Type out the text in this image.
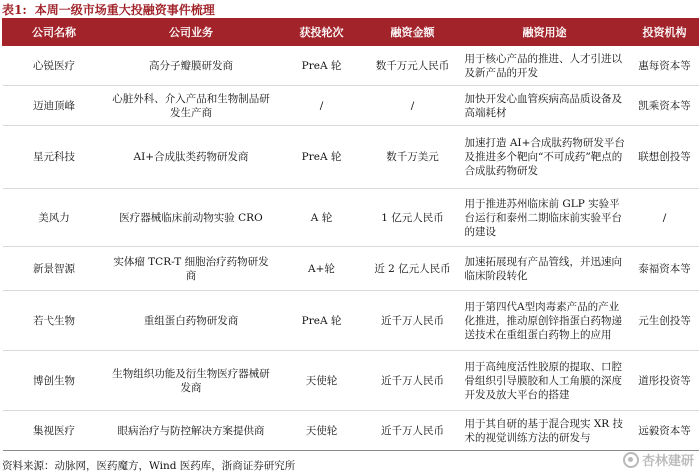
表1: 本周一级市场重大投融资事件梳理
公司名称	公司业务	获投轮次	融资金额	融资用途	投资机构
心锐医疗	高分子瓣膜研发商	PreA 轮	数千万元人民币	用于核心产品的推进、人才引进以及新产品的开发	惠每资本等
迈迪顶峰	心脏外科、介入产品和生物制品研发生产商	/	/	加快开发心血管疾病高品质设备及高端耗材	凯乘资本等
星元科技	AI+合成肽类药物研发商	PreA 轮	数千万美元	加速打造 AI+合成肽药物研发平台及推进多个靶向“不可成药”靶点的合成肽药物研发	联想创投等
美风力	医疗器械临床前动物实验 CRO	A 轮	1 亿元人民币	用于推进苏州临床前 GLP 实验平台运行和泰州二期临床前实验平台的建设	/
新景智源	实体瘤 TCR-T 细胞治疗药物研发商	A+轮	近 2 亿元人民币	加速拓展现有产品管线，并迅速向临床阶段转化	泰福资本等
若弋生物	重组蛋白药物研发商	PreA 轮	近千万人民币	用于第四代A型肉毒素产品的产业化推进，推动原创锌指蛋白药物递送技术在重组蛋白药物上的应用	元生创投等
博创生物	生物组织功能及衍生物医疗器械研发商	天使轮	近千万人民币	用于高纯度活性胶原的提取、口腔骨组织引导膜胶和人工角膜的深度开发及放大平台的搭建	道彤投资等
集视医疗	眼病治疗与防控解决方案提供商	天使轮	近千万人民币	用于其自研的基于混合现实 XR 技术的视觉训练方法的研发与	远毅资本等
资料来源：动脉网，医药魔方，Wind 医药库，浙商证券研究所	杏林建研
